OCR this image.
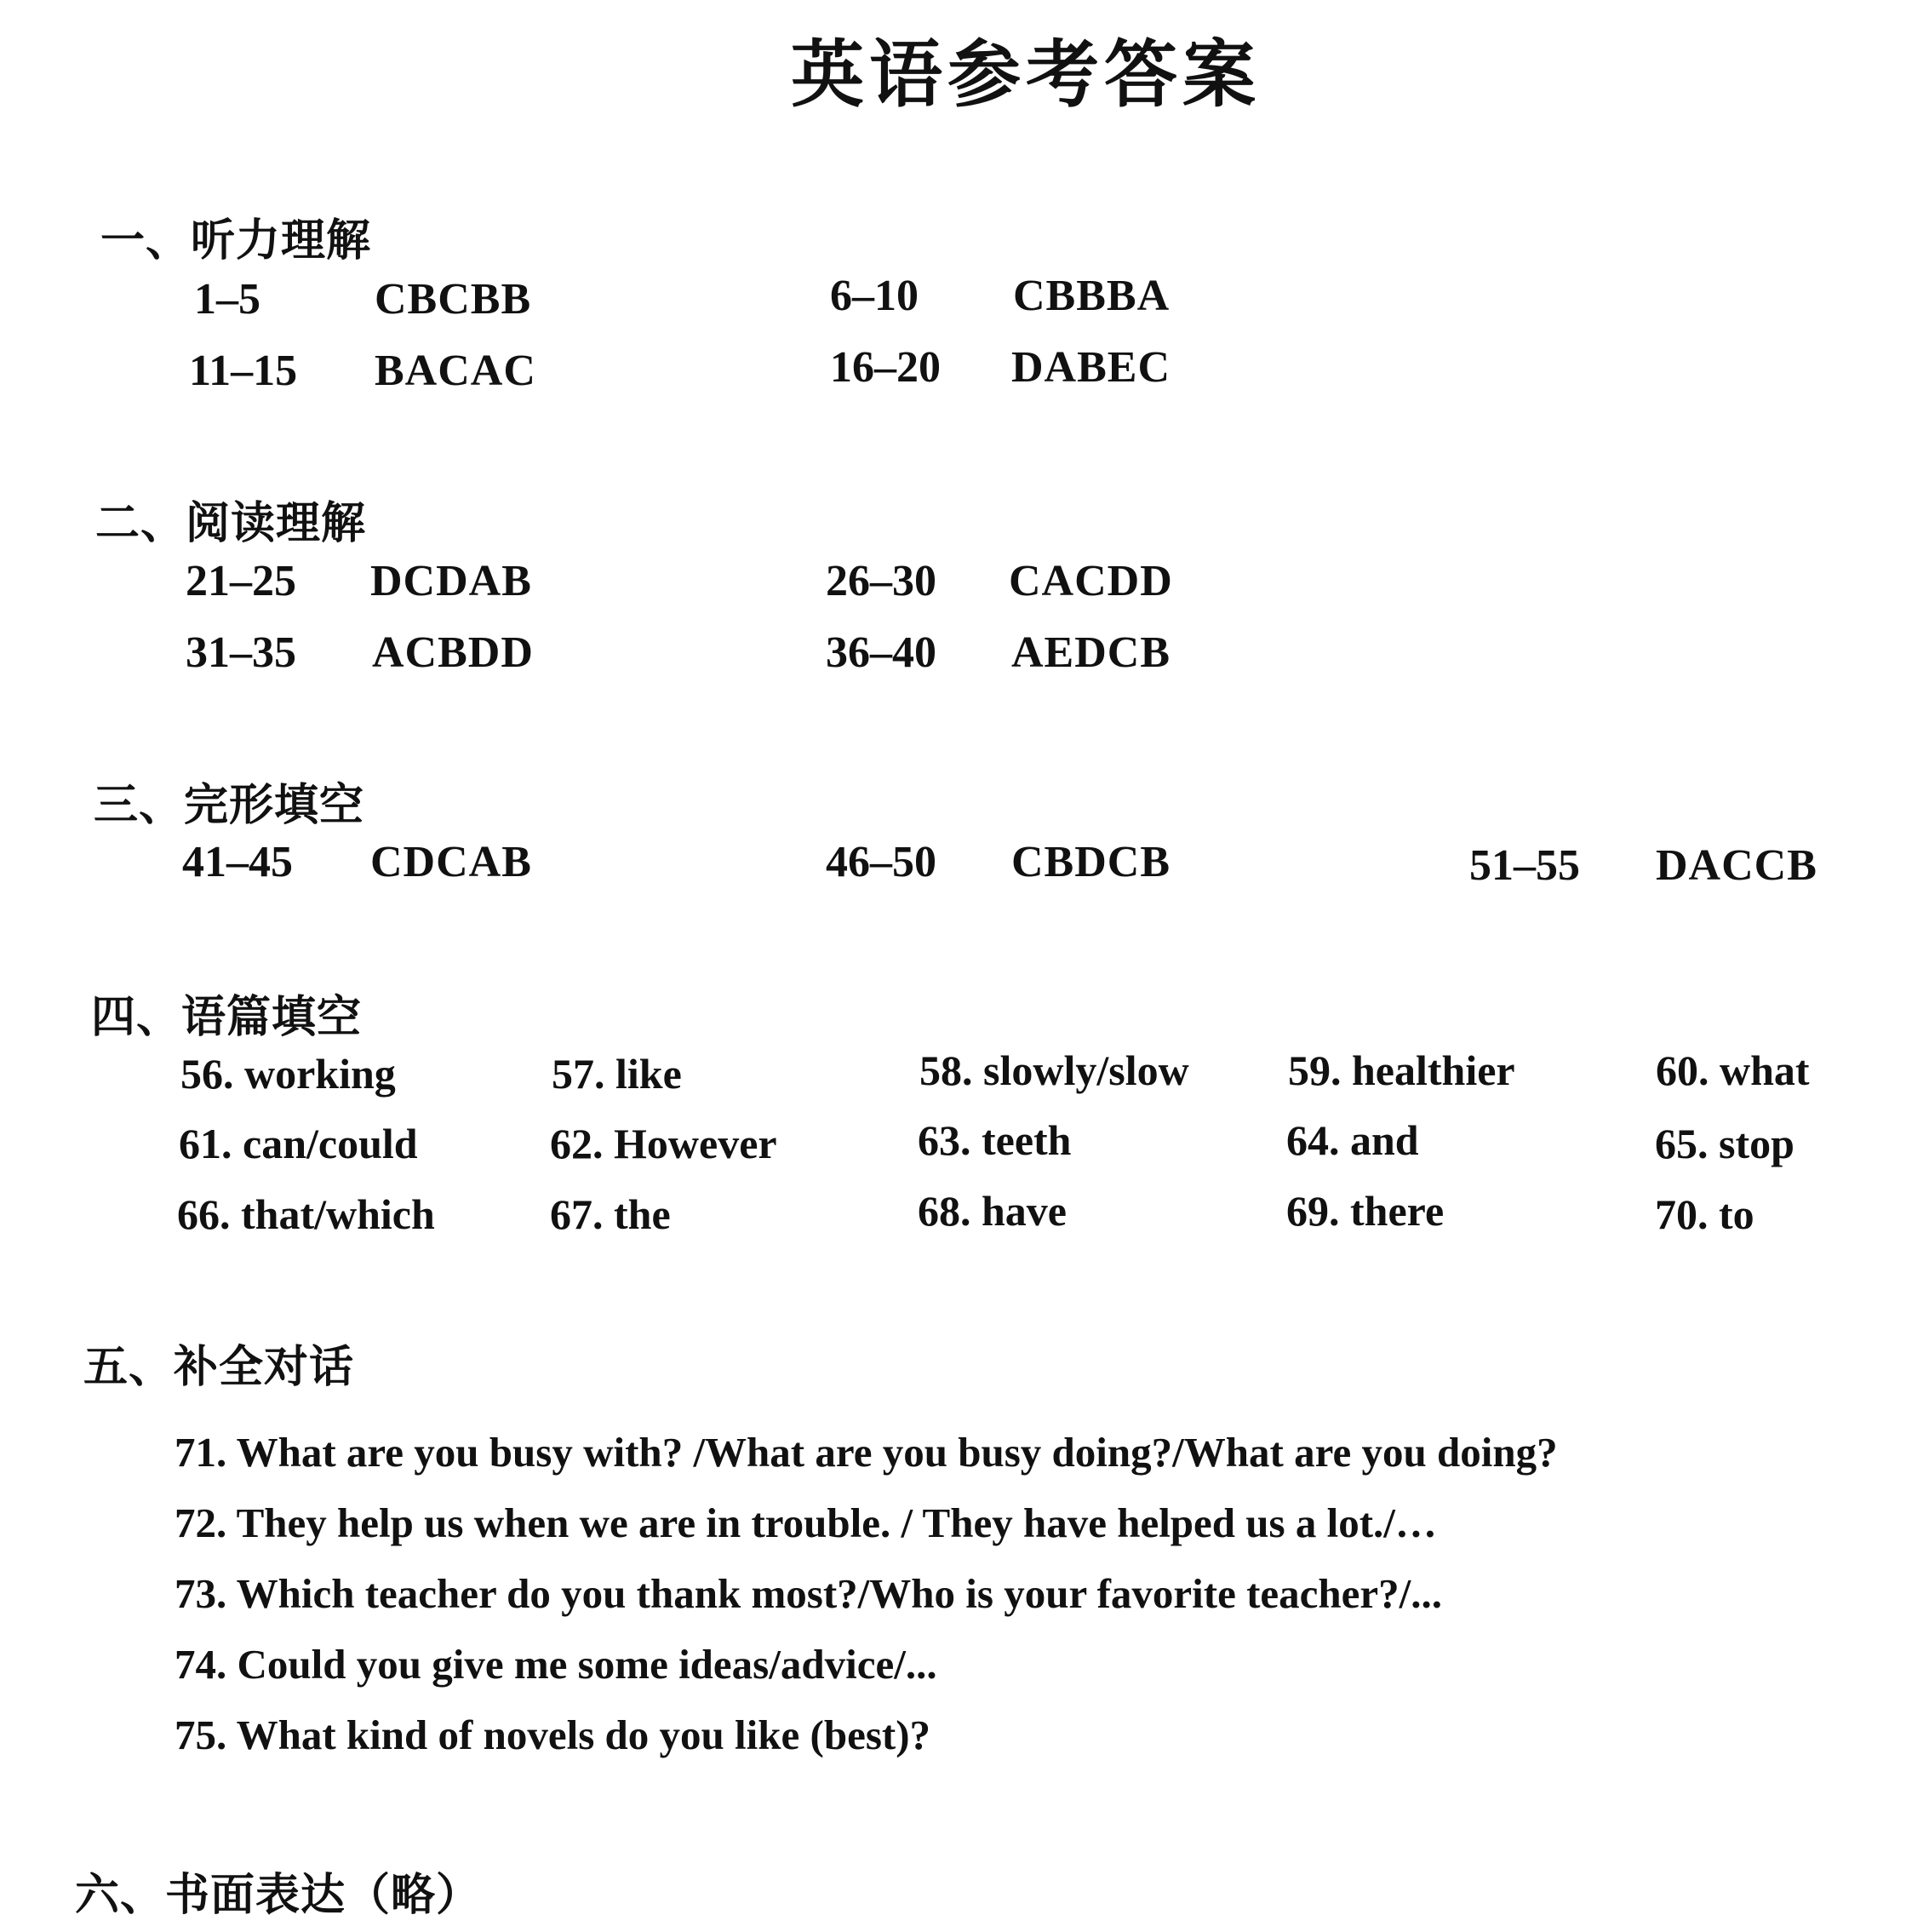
英语参考答案
一、听力理解
1–5	CBCBB	6–10 CBBBA
11–15 BACAC	16–20 DABEC
二、阅读理解
21–25 DCDAB	26–30 CACDD
31–35 ACBDD	36–40 AEDCB
三、完形填空
41–45 CDCAB	46–50 CBDCB	51–55 DACCB
四、语篇填空
56. working	57. like	58. slowly/slow 59. healthier	60. what
61. can/could	62. However	63. teeth	64. and	65. stop
66. that/which	67. the	68. have	69. there	70. to
五、补全对话
71. What are you busy with? /What are you busy doing?/What are you doing?
72. They help us when we are in trouble. / They have helped us a lot./…
73. Which teacher do you thank most?/Who is your favorite teacher?/...
74. Could you give me some ideas/advice/...
75. What kind of novels do you like (best)?
六、书面表达（略）
